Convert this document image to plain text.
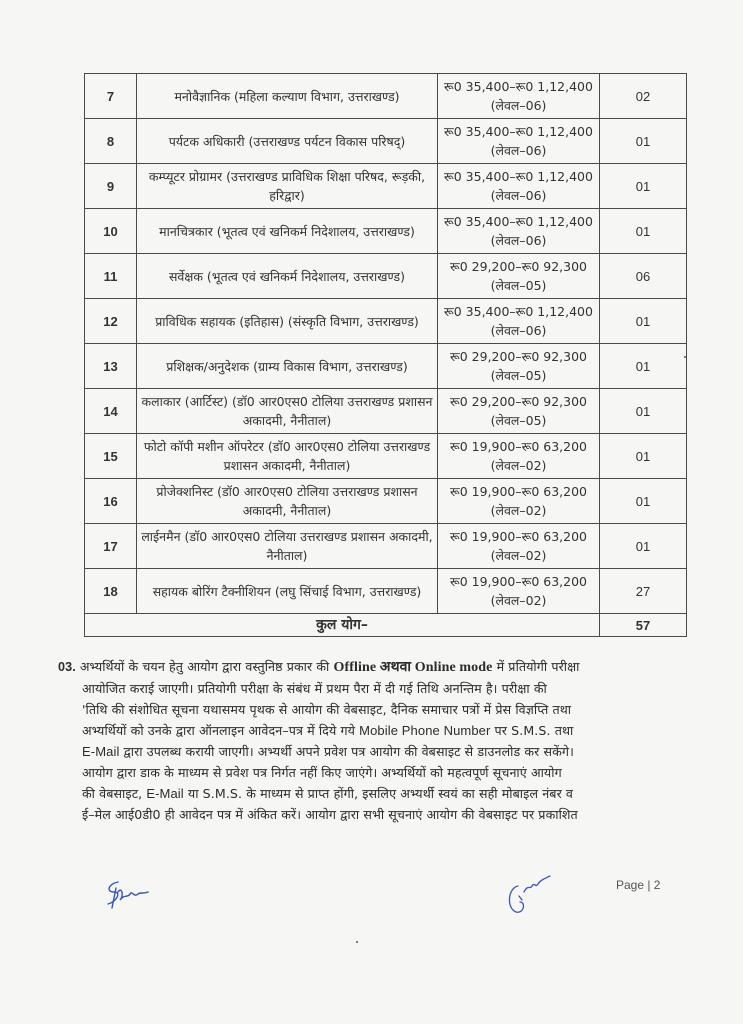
7	मनोवैज्ञानिक (महिला कल्याण विभाग, उत्तराखण्ड)	रू0 35,400–रू0 1,12,400
(लेवल–06)	02
8	पर्यटक अधिकारी (उत्तराखण्ड पर्यटन विकास परिषद्)	रू0 35,400–रू0 1,12,400
(लेवल–06)	01
9	कम्प्यूटर प्रोग्रामर (उत्तराखण्ड प्राविधिक शिक्षा परिषद, रूड़की, हरिद्वार)	रू0 35,400–रू0 1,12,400
(लेवल–06)	01
10	मानचित्रकार (भूतत्व एवं खनिकर्म निदेशालय, उत्तराखण्ड)	रू0 35,400–रू0 1,12,400
(लेवल–06)	01
11	सर्वेक्षक (भूतत्व एवं खनिकर्म निदेशालय, उत्तराखण्ड)	रू0 29,200–रू0 92,300
(लेवल–05)	06
12	प्राविधिक सहायक (इतिहास) (संस्कृति विभाग, उत्तराखण्ड)	रू0 35,400–रू0 1,12,400
(लेवल–06)	01
13	प्रशिक्षक/अनुदेशक (ग्राम्य विकास विभाग, उत्तराखण्ड)	रू0 29,200–रू0 92,300
(लेवल–05)	01
14	कलाकार (आर्टिस्ट) (डॉ0 आर0एस0 टोलिया उत्तराखण्ड प्रशासन अकादमी, नैनीताल)	रू0 29,200–रू0 92,300
(लेवल–05)	01
15	फोटो कॉपी मशीन ऑपरेटर (डॉ0 आर0एस0 टोलिया उत्तराखण्ड प्रशासन अकादमी, नैनीताल)	रू0 19,900–रू0 63,200
(लेवल–02)	01
16	प्रोजेक्शनिस्ट (डॉ0 आर0एस0 टोलिया उत्तराखण्ड प्रशासन अकादमी, नैनीताल)	रू0 19,900–रू0 63,200
(लेवल–02)	01
17	लाईनमैन (डॉ0 आर0एस0 टोलिया उत्तराखण्ड प्रशासन अकादमी, नैनीताल)	रू0 19,900–रू0 63,200
(लेवल–02)	01
18	सहायक बोरिंग टैक्नीशियन (लघु सिंचाई विभाग, उत्तराखण्ड)	रू0 19,900–रू0 63,200
(लेवल–02)	27
कुल योग–			57
03. अभ्यर्थियों के चयन हेतु आयोग द्वारा वस्तुनिष्ठ प्रकार की Offline अथवा Online mode में प्रतियोगी परीक्षा
आयोजित कराई जाएगी। प्रतियोगी परीक्षा के संबंध में प्रथम पैरा में दी गई तिथि अनन्तिम है। परीक्षा की
'तिथि की संशोधित सूचना यथासमय पृथक से आयोग की वेबसाइट, दैनिक समाचार पत्रों में प्रेस विज्ञप्ति तथा
अभ्यर्थियों को उनके द्वारा ऑनलाइन आवेदन–पत्र में दिये गये Mobile Phone Number पर S.M.S. तथा
E-Mail द्वारा उपलब्ध करायी जाएगी। अभ्यर्थी अपने प्रवेश पत्र आयोग की वेबसाइट से डाउनलोड कर सकेंगे।
आयोग द्वारा डाक के माध्यम से प्रवेश पत्र निर्गत नहीं किए जाएंगे। अभ्यर्थियों को महत्वपूर्ण सूचनाएं आयोग
की वेबसाइट, E-Mail या S.M.S. के माध्यम से प्राप्त होंगी, इसलिए अभ्यर्थी स्वयं का सही मोबाइल नंबर व
ई–मेल आई0डी0 ही आवेदन पत्र में अंकित करें। आयोग द्वारा सभी सूचनाएं आयोग की वेबसाइट पर प्रकाशित
Page | 2
